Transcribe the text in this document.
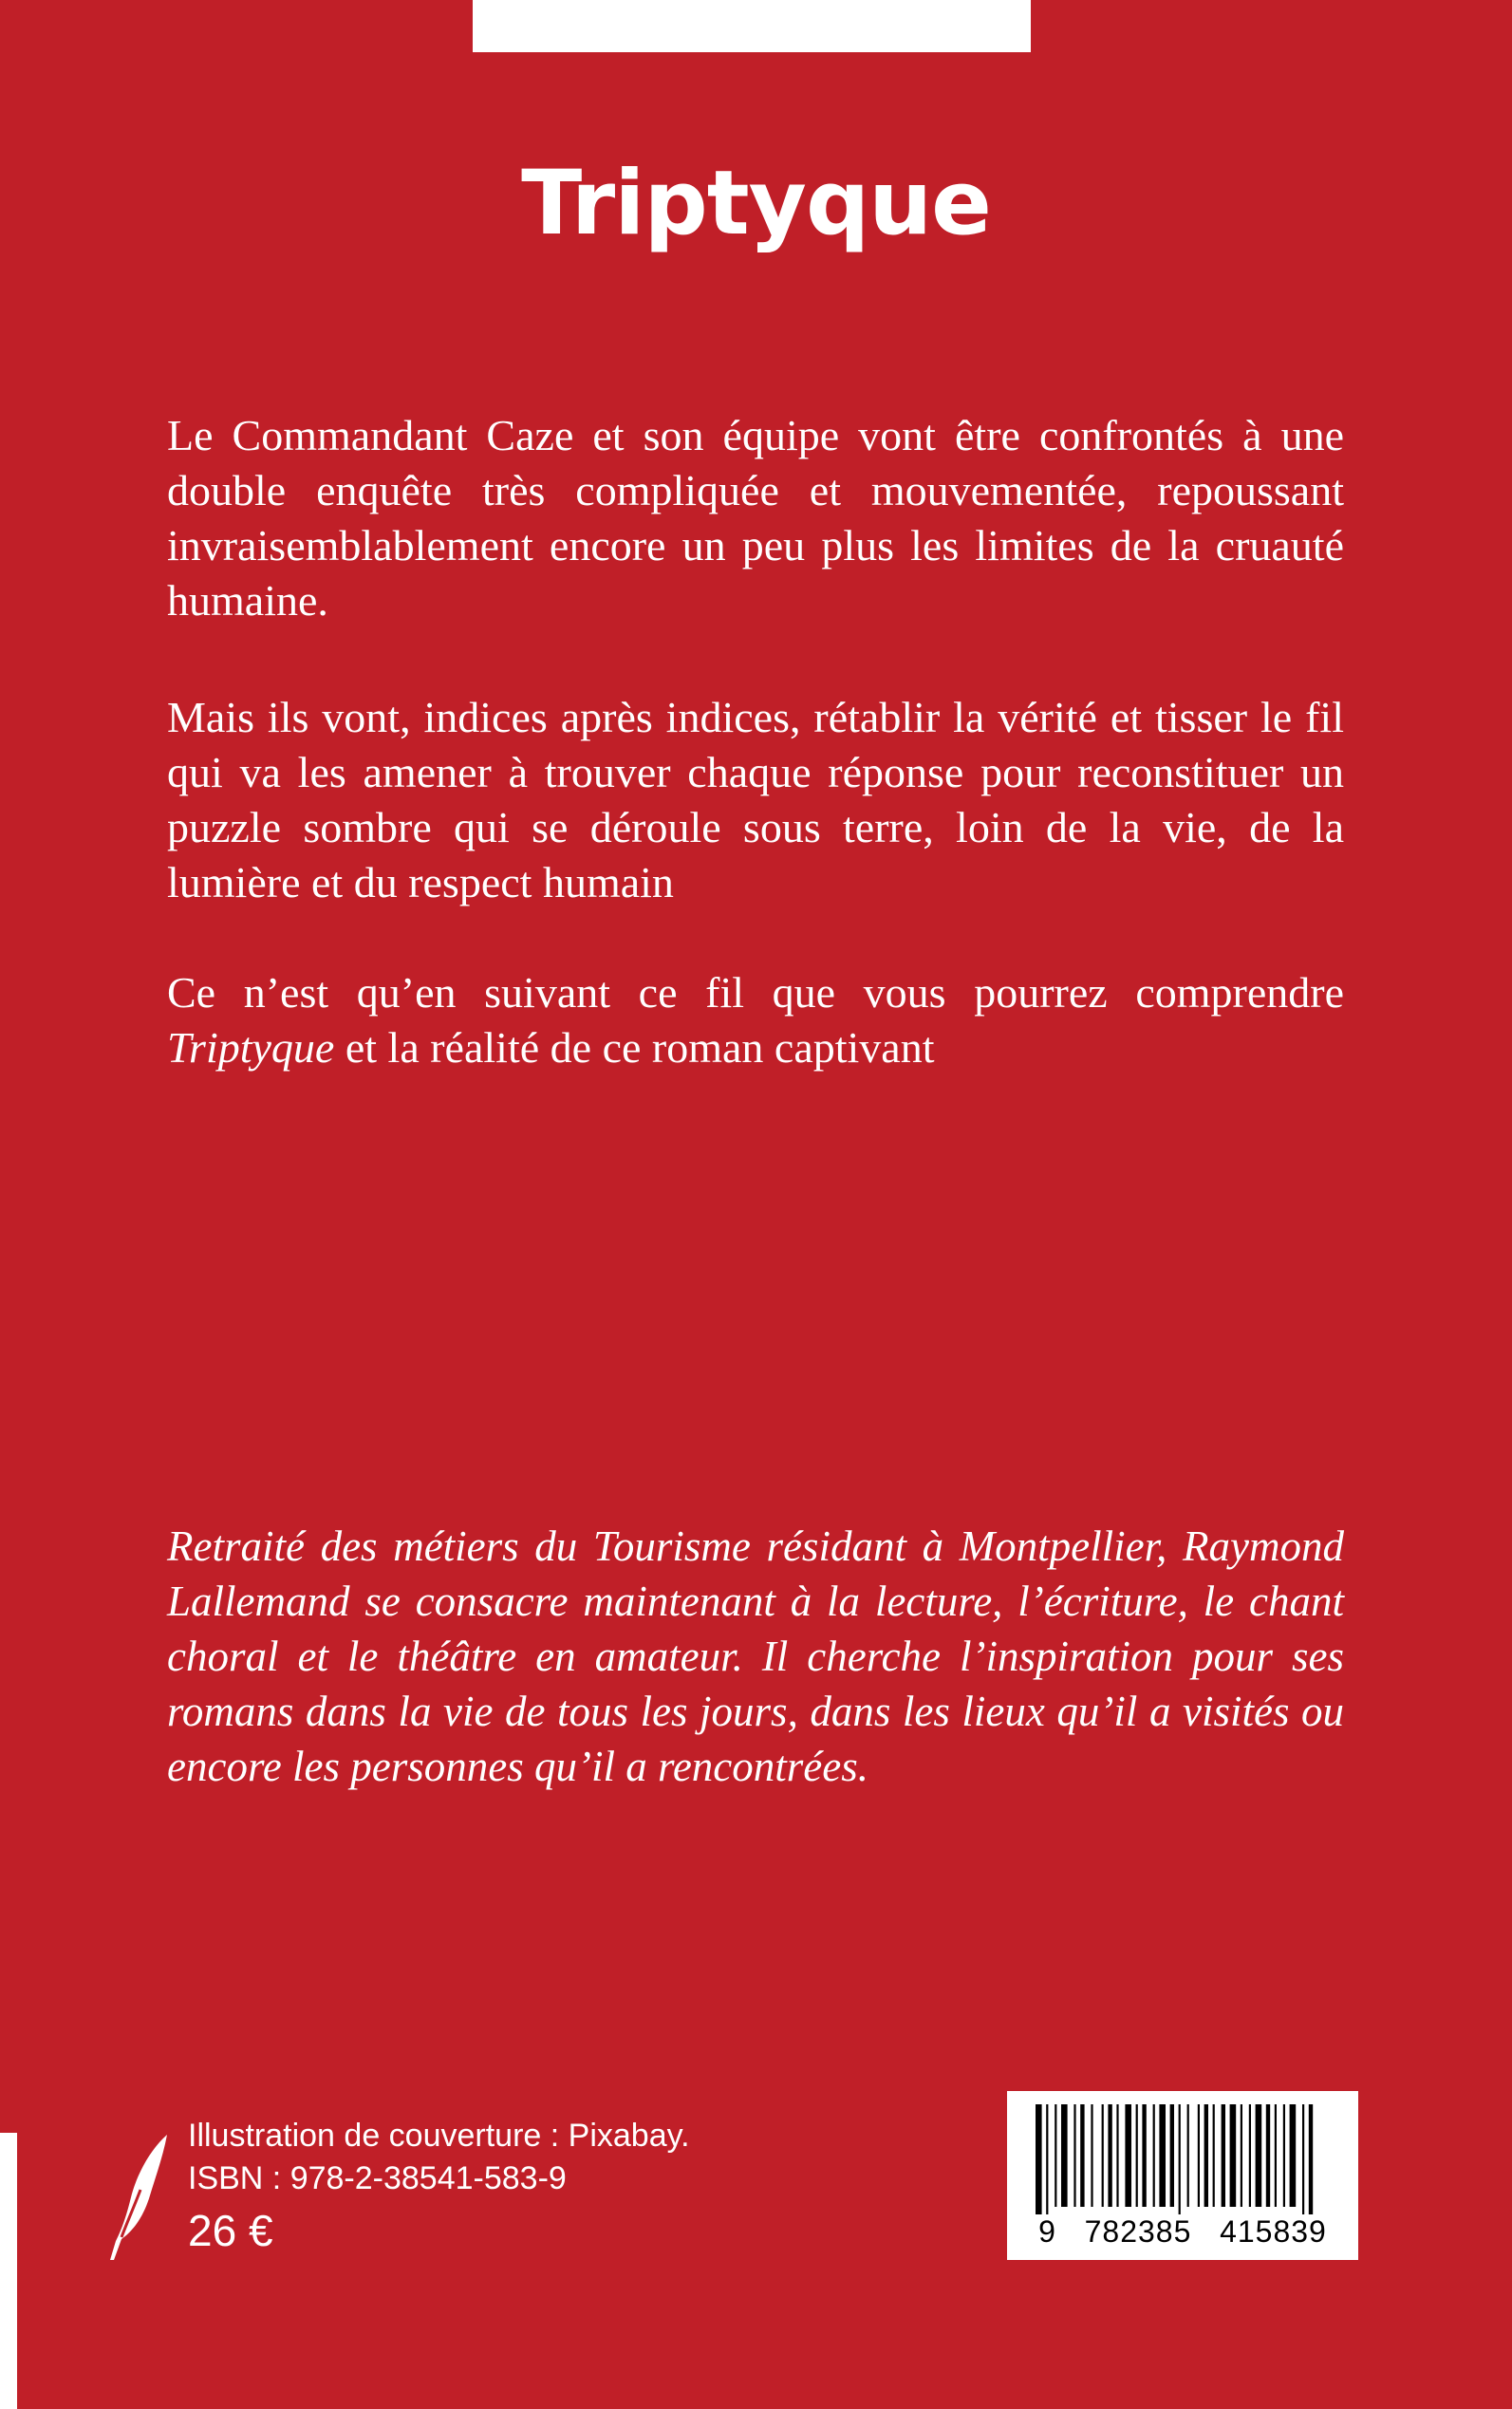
Triptyque

Le Commandant Caze et son équipe vont être confrontés à une double enquête très compliquée et mouvementée, repoussant invraisemblablement encore un peu plus les limites de la cruauté humaine.

Mais ils vont, indices après indices, rétablir la vérité et tisser le fil qui va les amener à trouver chaque réponse pour reconstituer un puzzle sombre qui se déroule sous terre, loin de la vie, de la lumière et du respect humain

Ce n’est qu’en suivant ce fil que vous pourrez comprendre Triptyque et la réalité de ce roman captivant

Retraité des métiers du Tourisme résidant à Montpellier, Raymond Lallemand se consacre maintenant à la lecture, l’écriture, le chant choral et le théâtre en amateur. Il cherche l’inspiration pour ses romans dans la vie de tous les jours, dans les lieux qu’il a visités ou encore les personnes qu’il a rencontrées.

Illustration de couverture : Pixabay.
ISBN : 978-2-38541-583-9
26 €	9   782385   415839
